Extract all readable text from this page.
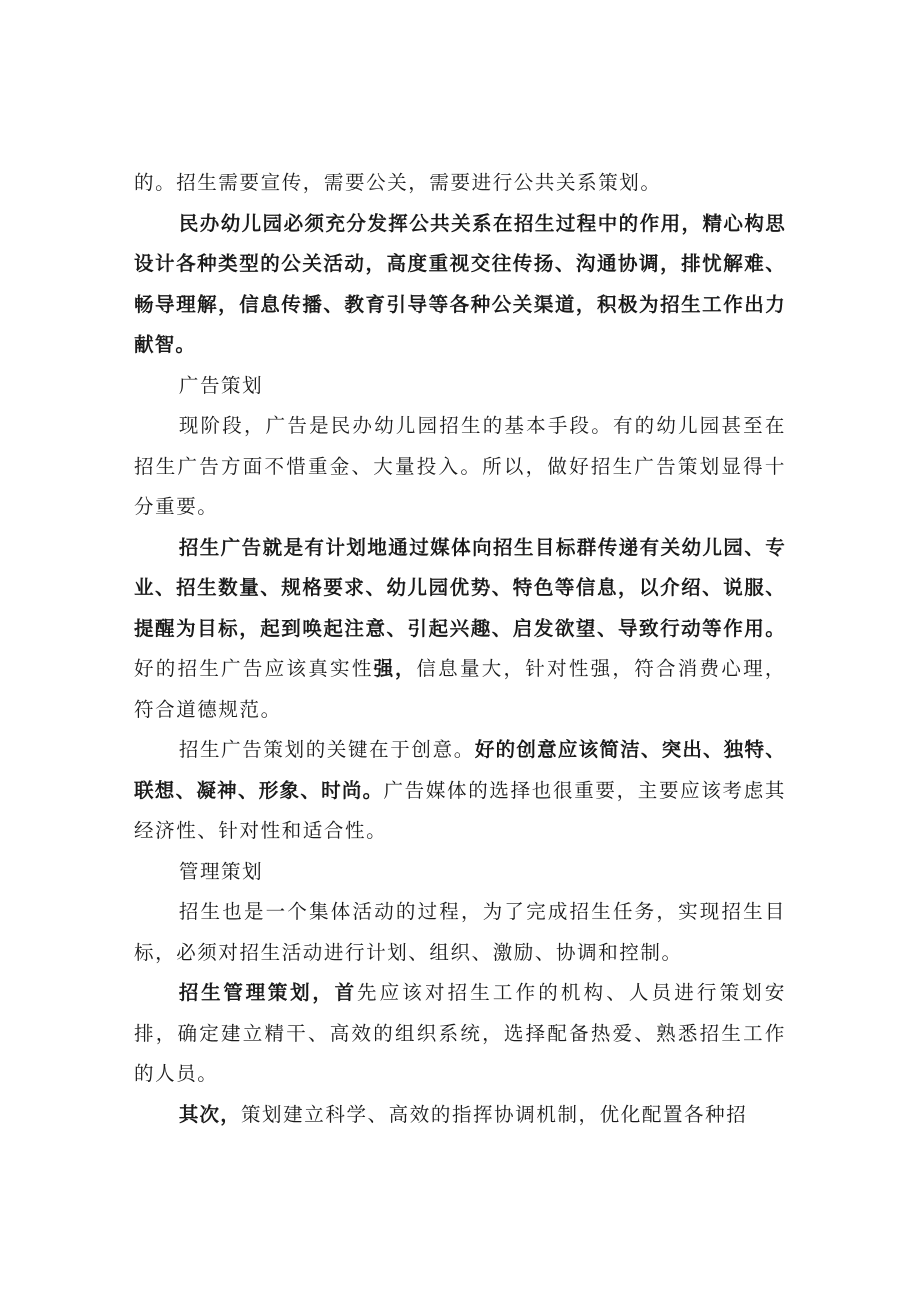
的。招生需要宣传，需要公关，需要进行公共关系策划。

民办幼儿园必须充分发挥公共关系在招生过程中的作用，精心构思设计各种类型的公关活动，高度重视交往传扬、沟通协调，排忧解难、畅导理解，信息传播、教育引导等各种公关渠道，积极为招生工作出力献智。

广告策划

现阶段，广告是民办幼儿园招生的基本手段。有的幼儿园甚至在招生广告方面不惜重金、大量投入。所以，做好招生广告策划显得十分重要。

招生广告就是有计划地通过媒体向招生目标群传递有关幼儿园、专业、招生数量、规格要求、幼儿园优势、特色等信息，以介绍、说服、提醒为目标，起到唤起注意、引起兴趣、启发欲望、导致行动等作用。好的招生广告应该真实性强，信息量大，针对性强，符合消费心理，符合道德规范。

招生广告策划的关键在于创意。好的创意应该简洁、突出、独特、联想、凝神、形象、时尚。广告媒体的选择也很重要，主要应该考虑其经济性、针对性和适合性。

管理策划

招生也是一个集体活动的过程，为了完成招生任务，实现招生目标，必须对招生活动进行计划、组织、激励、协调和控制。

招生管理策划，首先应该对招生工作的机构、人员进行策划安排，确定建立精干、高效的组织系统，选择配备热爱、熟悉招生工作的人员。

其次，策划建立科学、高效的指挥协调机制，优化配置各种招
